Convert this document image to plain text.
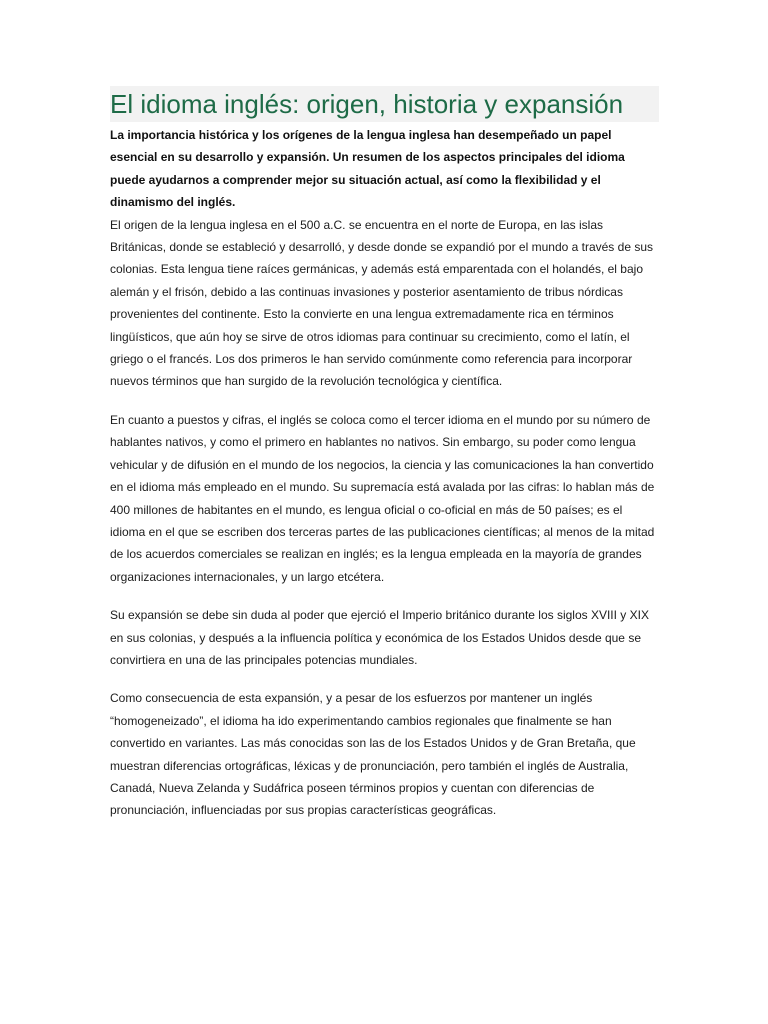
El idioma inglés: origen, historia y expansión

La importancia histórica y los orígenes de la lengua inglesa han desempeñado un papel esencial en su desarrollo y expansión. Un resumen de los aspectos principales del idioma puede ayudarnos a comprender mejor su situación actual, así como la flexibilidad y el dinamismo del inglés.

El origen de la lengua inglesa en el 500 a.C. se encuentra en el norte de Europa, en las islas Británicas, donde se estableció y desarrolló, y desde donde se expandió por el mundo a través de sus colonias. Esta lengua tiene raíces germánicas, y además está emparentada con el holandés, el bajo alemán y el frisón, debido a las continuas invasiones y posterior asentamiento de tribus nórdicas provenientes del continente. Esto la convierte en una lengua extremadamente rica en términos lingüísticos, que aún hoy se sirve de otros idiomas para continuar su crecimiento, como el latín, el griego o el francés. Los dos primeros le han servido comúnmente como referencia para incorporar nuevos términos que han surgido de la revolución tecnológica y científica.

En cuanto a puestos y cifras, el inglés se coloca como el tercer idioma en el mundo por su número de hablantes nativos, y como el primero en hablantes no nativos. Sin embargo, su poder como lengua vehicular y de difusión en el mundo de los negocios, la ciencia y las comunicaciones la han convertido en el idioma más empleado en el mundo. Su supremacía está avalada por las cifras: lo hablan más de 400 millones de habitantes en el mundo, es lengua oficial o co-oficial en más de 50 países; es el idioma en el que se escriben dos terceras partes de las publicaciones científicas; al menos de la mitad de los acuerdos comerciales se realizan en inglés; es la lengua empleada en la mayoría de grandes organizaciones internacionales, y un largo etcétera.

Su expansión se debe sin duda al poder que ejerció el Imperio británico durante los siglos XVIII y XIX en sus colonias, y después a la influencia política y económica de los Estados Unidos desde que se convirtiera en una de las principales potencias mundiales.

Como consecuencia de esta expansión, y a pesar de los esfuerzos por mantener un inglés “homogeneizado”, el idioma ha ido experimentando cambios regionales que finalmente se han convertido en variantes. Las más conocidas son las de los Estados Unidos y de Gran Bretaña, que muestran diferencias ortográficas, léxicas y de pronunciación, pero también el inglés de Australia, Canadá, Nueva Zelanda y Sudáfrica poseen términos propios y cuentan con diferencias de pronunciación, influenciadas por sus propias características geográficas.
